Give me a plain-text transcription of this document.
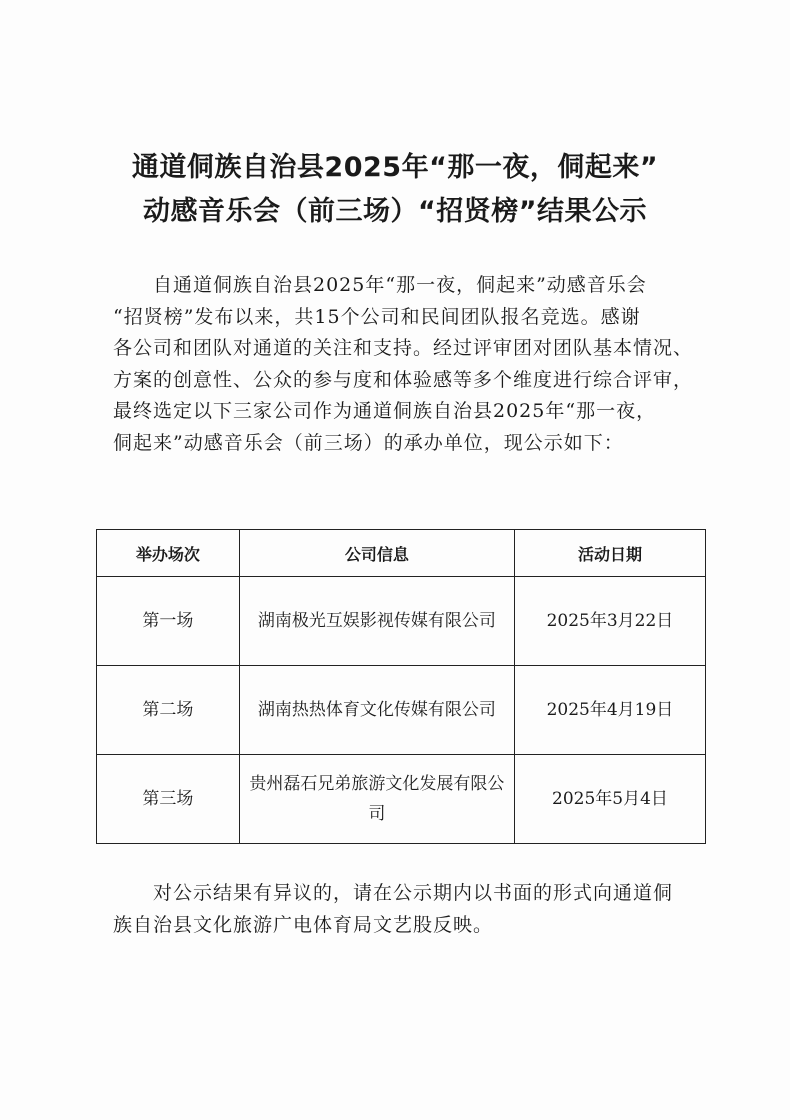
通道侗族自治县2025年“那一夜，侗起来”
动感音乐会（前三场）“招贤榜”结果公示
自通道侗族自治县2025年“那一夜，侗起来”动感音乐会
“招贤榜”发布以来，共15个公司和民间团队报名竞选。感谢
各公司和团队对通道的关注和支持。经过评审团对团队基本情况、
方案的创意性、公众的参与度和体验感等多个维度进行综合评审，
最终选定以下三家公司作为通道侗族自治县2025年“那一夜，
侗起来”动感音乐会（前三场）的承办单位，现公示如下：
举办场次	公司信息	活动日期
第一场	湖南极光互娱影视传媒有限公司	2025年3月22日
第二场	湖南热热体育文化传媒有限公司	2025年4月19日
第三场	贵州磊石兄弟旅游文化发展有限公司	2025年5月4日
对公示结果有异议的，请在公示期内以书面的形式向通道侗
族自治县文化旅游广电体育局文艺股反映。
